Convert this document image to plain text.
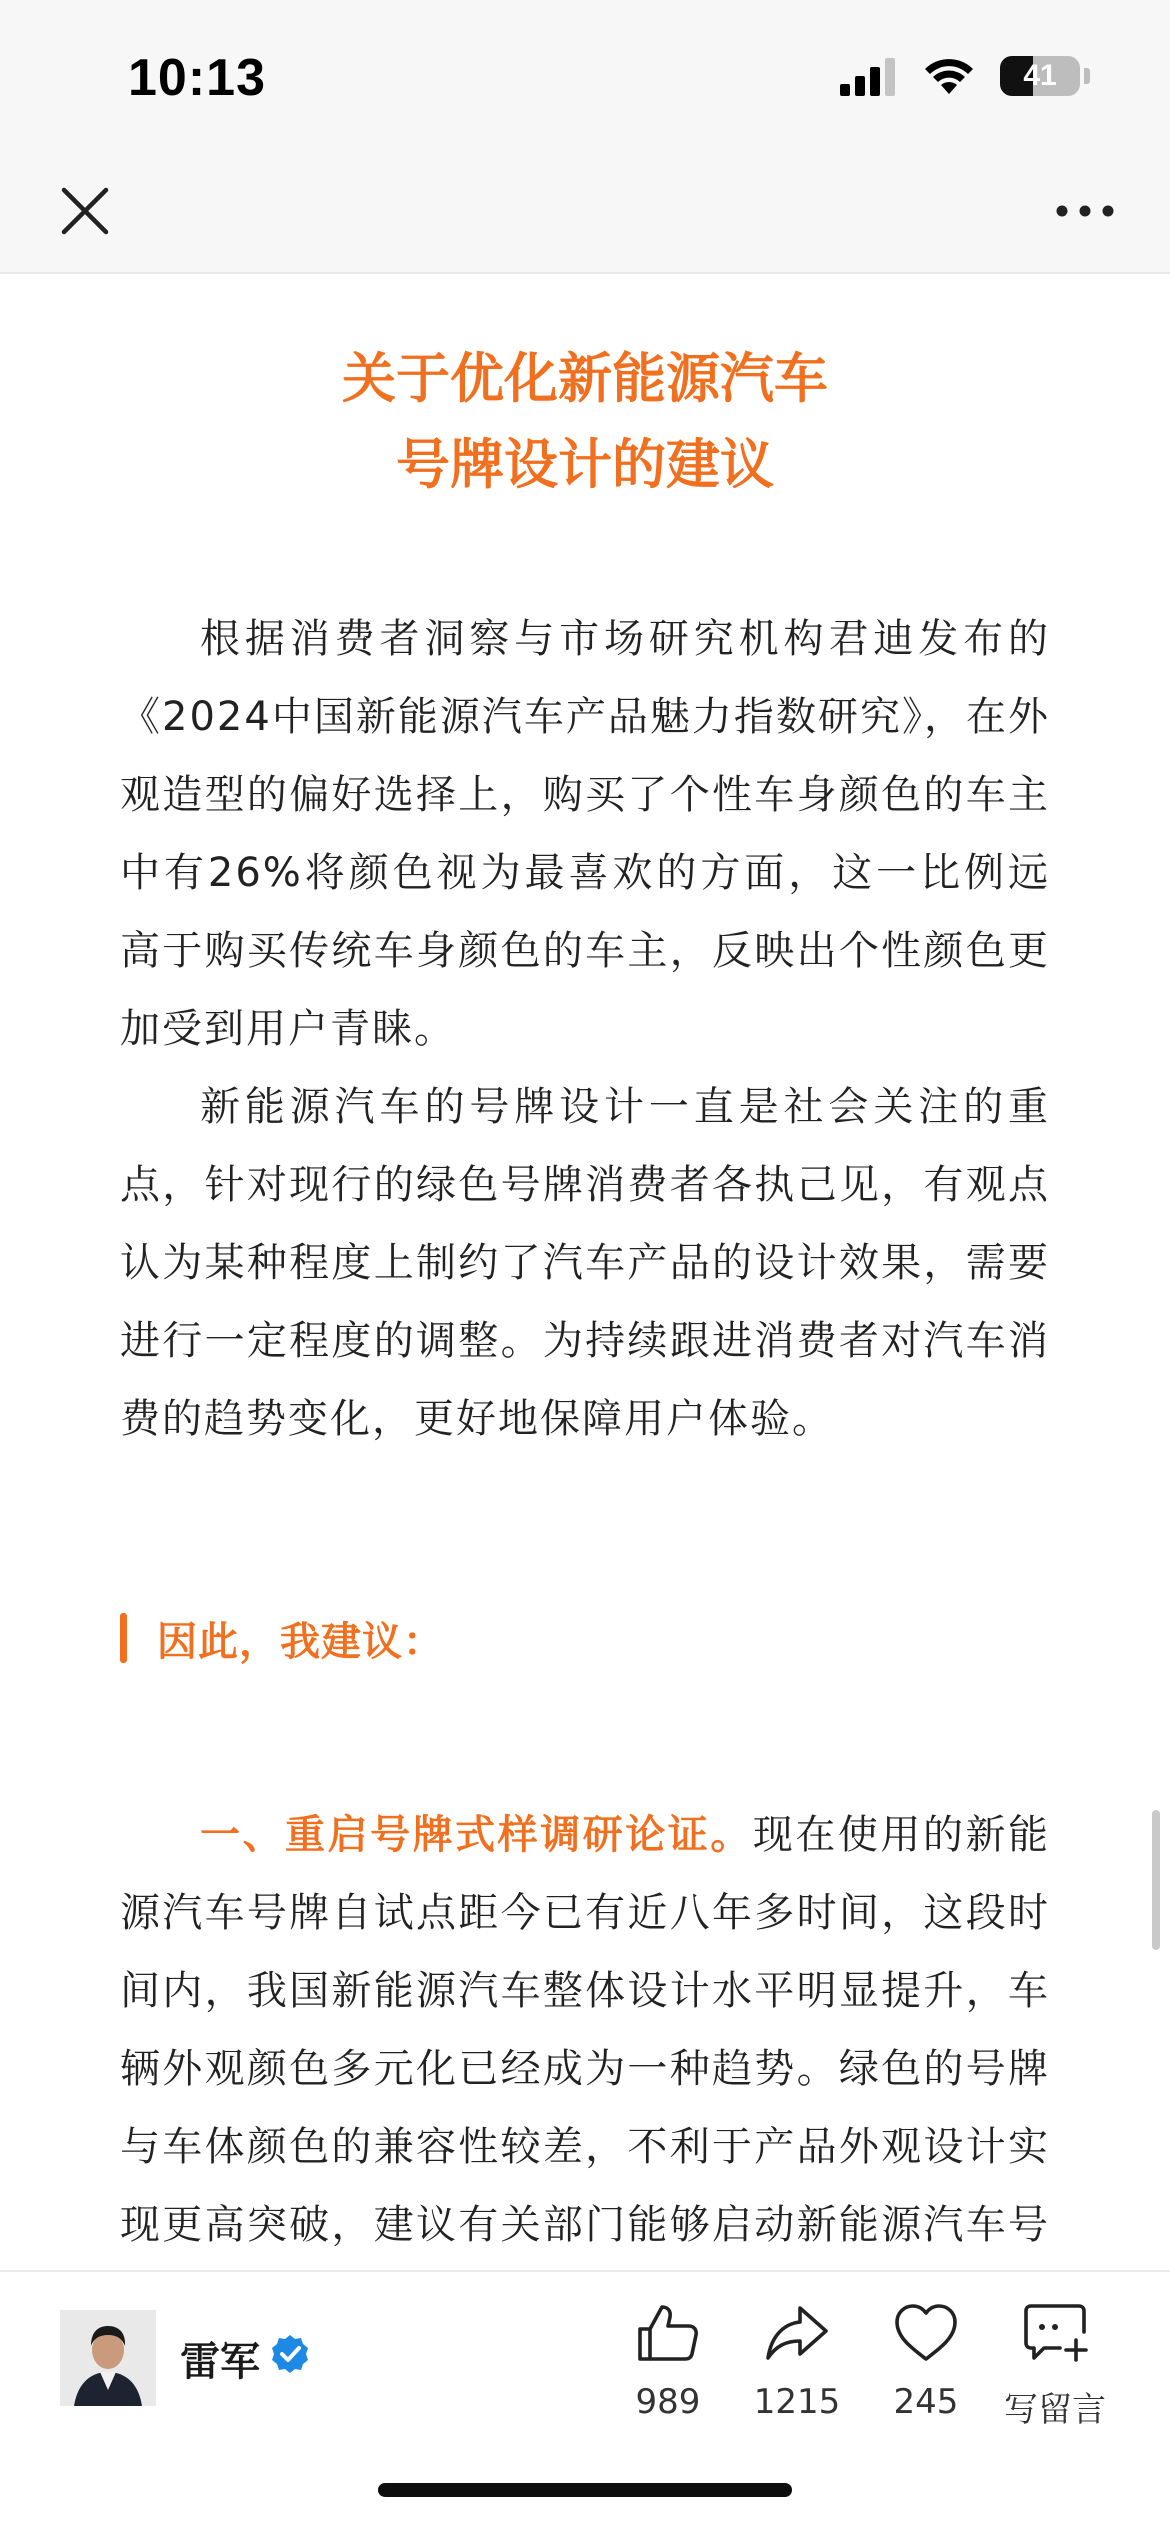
10:13	41
关于优化新能源汽车
号牌设计的建议

根据消费者洞察与市场研究机构君迪发布的《2024中国新能源汽车产品魅力指数研究》，在外观造型的偏好选择上，购买了个性车身颜色的车主中有26%将颜色视为最喜欢的方面，这一比例远高于购买传统车身颜色的车主，反映出个性颜色更加受到用户青睐。

新能源汽车的号牌设计一直是社会关注的重点，针对现行的绿色号牌消费者各执己见，有观点认为某种程度上制约了汽车产品的设计效果，需要进行一定程度的调整。为持续跟进消费者对汽车消费的趋势变化，更好地保障用户体验。

因此，我建议：

一、重启号牌式样调研论证。现在使用的新能源汽车号牌自试点距今已有近八年多时间，这段时间内，我国新能源汽车整体设计水平明显提升，车辆外观颜色多元化已经成为一种趋势。绿色的号牌与车体颜色的兼容性较差，不利于产品外观设计实现更高突破，建议有关部门能够启动新能源汽车号

雷军
989 1215 245 写留言
